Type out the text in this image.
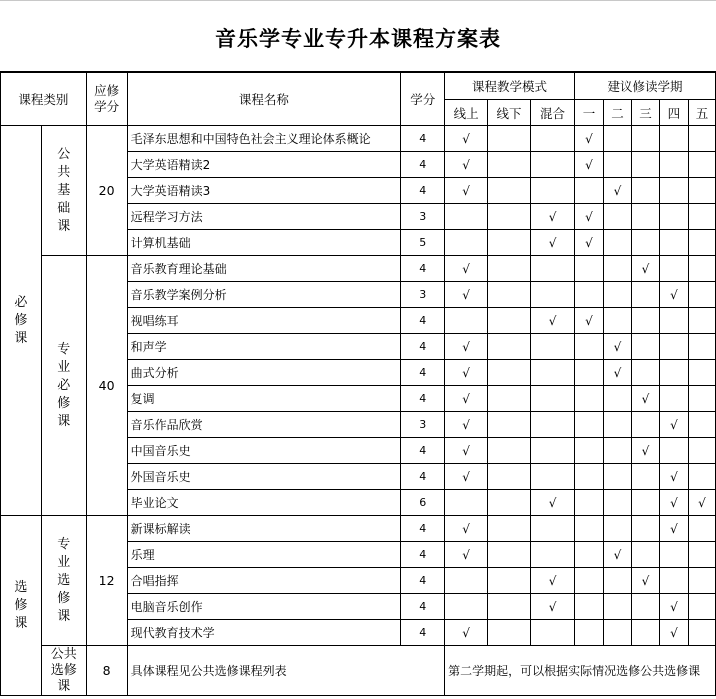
音乐学专业专升本课程方案表
课程类别		应修学分	课程名称	学分	课程教学模式			建议修读学期				
					线上	线下	混合	一	二	三	四	五

必
修
课	公
共
基
础
课	20	毛泽东思想和中国特色社会主义理论体系概论	4	√			√				
			大学英语精读2	4	√			√				
			大学英语精读3	4	√				√			
			远程学习方法	3			√	√				
			计算机基础	5			√	√				

	专
业
必
修
课	40	音乐教育理论基础	4	√					√		
			音乐教学案例分析	3	√						√	
			视唱练耳	4			√	√				
			和声学	4	√				√			
			曲式分析	4	√				√			
			复调	4	√					√		
			音乐作品欣赏	3	√						√	
			中国音乐史	4	√					√		
			外国音乐史	4	√						√	
			毕业论文	6			√				√	√

选
修
课	专
业
选
修
课	12	新课标解读	4	√						√	
			乐理	4	√				√			
			合唱指挥	4			√			√		
			电脑音乐创作	4			√				√	
			现代教育技术学	4	√						√	

	公共
选修
课	8	具体课程见公共选修课程列表		第二学期起，可以根据实际情况选修公共选修课							
